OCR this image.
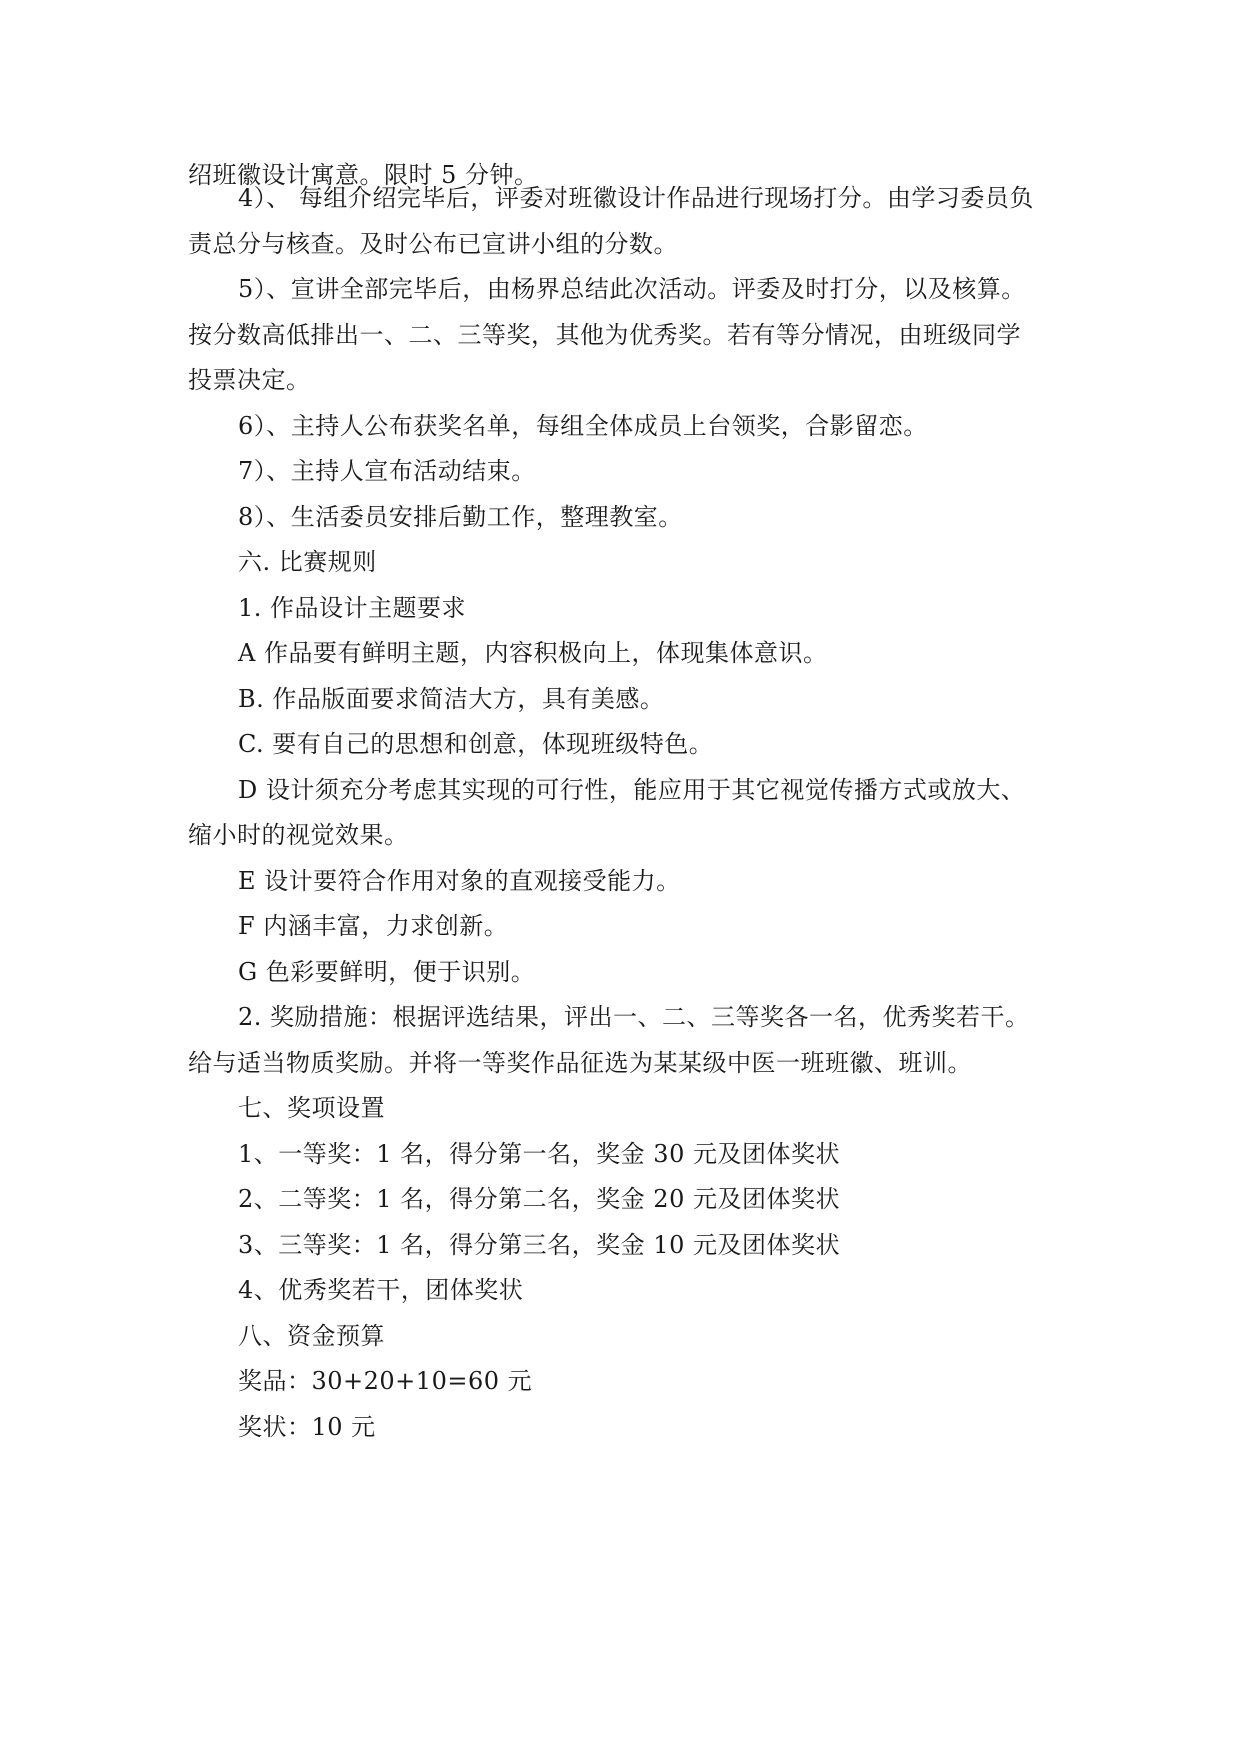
绍班徽设计寓意。限时 5 分钟。
4）、 每组介绍完毕后，评委对班徽设计作品进行现场打分。由学习委员负
责总分与核查。及时公布已宣讲小组的分数。
5）、宣讲全部完毕后，由杨界总结此次活动。评委及时打分，以及核算。
按分数高低排出一、二、三等奖，其他为优秀奖。若有等分情况，由班级同学
投票决定。
6）、主持人公布获奖名单，每组全体成员上台领奖，合影留恋。
7）、主持人宣布活动结束。
8）、生活委员安排后勤工作，整理教室。
六. 比赛规则
1. 作品设计主题要求
A 作品要有鲜明主题，内容积极向上，体现集体意识。
B. 作品版面要求简洁大方，具有美感。
C. 要有自己的思想和创意，体现班级特色。
D 设计须充分考虑其实现的可行性，能应用于其它视觉传播方式或放大、
缩小时的视觉效果。
E 设计要符合作用对象的直观接受能力。
F 内涵丰富，力求创新。
G 色彩要鲜明，便于识别。
2. 奖励措施：根据评选结果，评出一、二、三等奖各一名，优秀奖若干。
给与适当物质奖励。并将一等奖作品征选为某某级中医一班班徽、班训。
七、奖项设置
1、一等奖：1 名，得分第一名，奖金 30 元及团体奖状
2、二等奖：1 名，得分第二名，奖金 20 元及团体奖状
3、三等奖：1 名，得分第三名，奖金 10 元及团体奖状
4、优秀奖若干，团体奖状
八、资金预算
奖品：30+20+10=60 元
奖状：10 元
